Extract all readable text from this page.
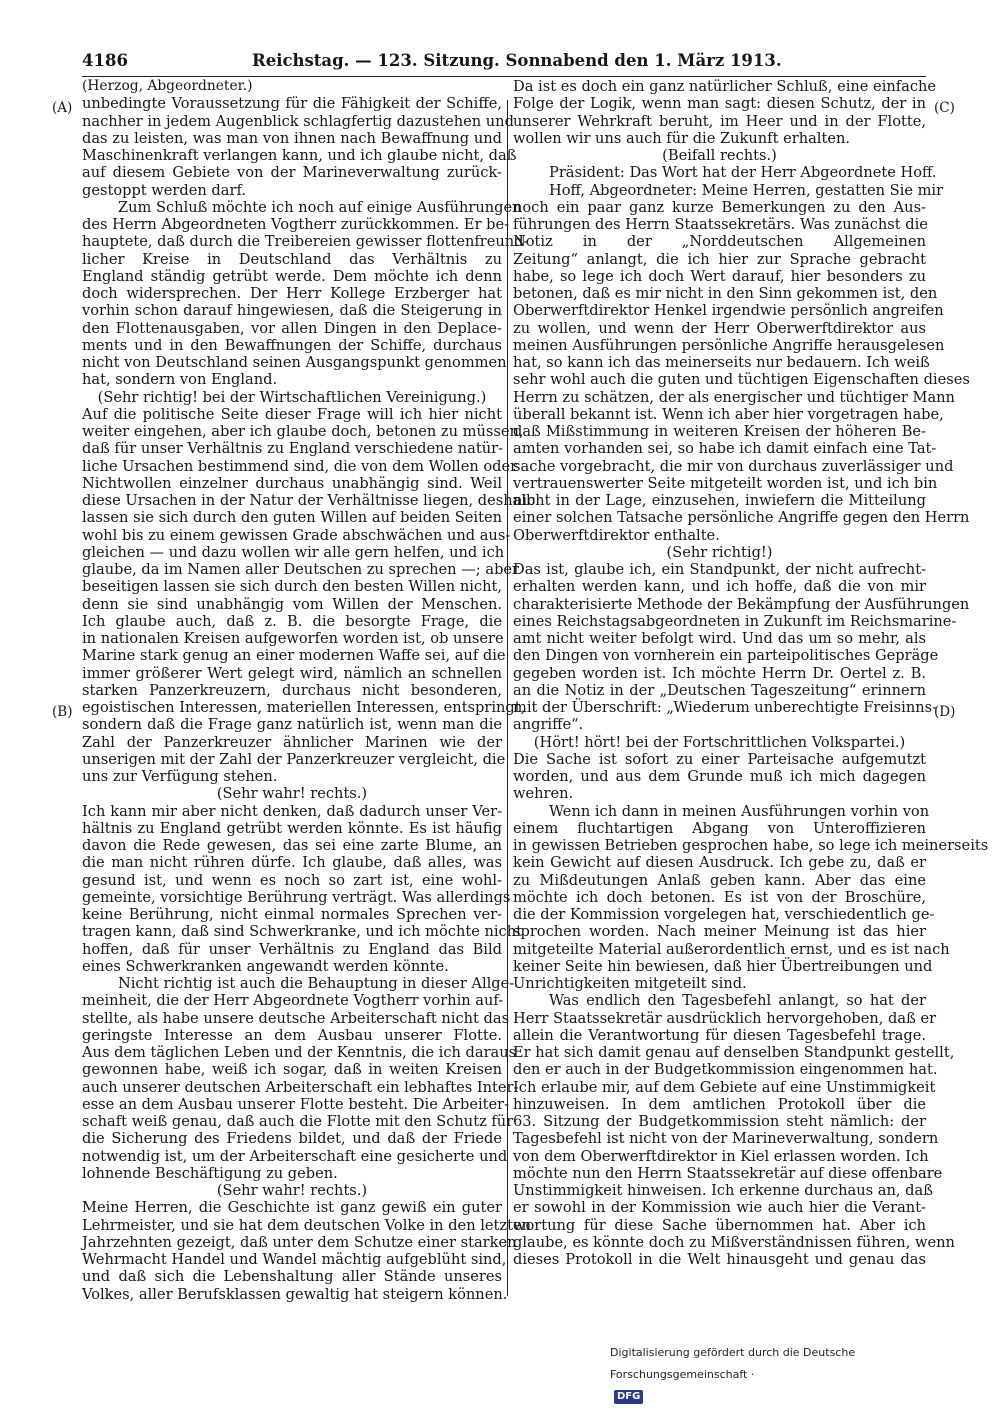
4186	Reichstag. — 123. Sitzung. Sonnabend den 1. März 1913.
(A)
(B)
(C)
(D)
(Herzog, Abgeordneter.)
unbedingte Voraussetzung für die Fähigkeit der Schiffe,
nachher in jedem Augenblick schlagfertig dazustehen und
das zu leisten, was man von ihnen nach Bewaffnung und
Maschinenkraft verlangen kann, und ich glaube nicht, daß
auf diesem Gebiete von der Marineverwaltung zurück-
gestoppt werden darf.
Zum Schluß möchte ich noch auf einige Ausführungen
des Herrn Abgeordneten Vogtherr zurückkommen. Er be-
hauptete, daß durch die Treibereien gewisser flottenfreund-
licher Kreise in Deutschland das Verhältnis zu
England ständig getrübt werde. Dem möchte ich denn
doch widersprechen. Der Herr Kollege Erzberger hat
vorhin schon darauf hingewiesen, daß die Steigerung in
den Flottenausgaben, vor allen Dingen in den Deplace-
ments und in den Bewaffnungen der Schiffe, durchaus
nicht von Deutschland seinen Ausgangspunkt genommen
hat, sondern von England.
(Sehr richtig! bei der Wirtschaftlichen Vereinigung.)
Auf die politische Seite dieser Frage will ich hier nicht
weiter eingehen, aber ich glaube doch, betonen zu müssen,
daß für unser Verhältnis zu England verschiedene natür-
liche Ursachen bestimmend sind, die von dem Wollen oder
Nichtwollen einzelner durchaus unabhängig sind. Weil
diese Ursachen in der Natur der Verhältnisse liegen, deshalb
lassen sie sich durch den guten Willen auf beiden Seiten
wohl bis zu einem gewissen Grade abschwächen und aus-
gleichen — und dazu wollen wir alle gern helfen, und ich
glaube, da im Namen aller Deutschen zu sprechen —; aber
beseitigen lassen sie sich durch den besten Willen nicht,
denn sie sind unabhängig vom Willen der Menschen.
Ich glaube auch, daß z. B. die besorgte Frage, die
in nationalen Kreisen aufgeworfen worden ist, ob unsere
Marine stark genug an einer modernen Waffe sei, auf die
immer größerer Wert gelegt wird, nämlich an schnellen
starken Panzerkreuzern, durchaus nicht besonderen,
egoistischen Interessen, materiellen Interessen, entspringt,
sondern daß die Frage ganz natürlich ist, wenn man die
Zahl der Panzerkreuzer ähnlicher Marinen wie der
unserigen mit der Zahl der Panzerkreuzer vergleicht, die
uns zur Verfügung stehen.
(Sehr wahr! rechts.)
Ich kann mir aber nicht denken, daß dadurch unser Ver-
hältnis zu England getrübt werden könnte. Es ist häufig
davon die Rede gewesen, das sei eine zarte Blume, an
die man nicht rühren dürfe. Ich glaube, daß alles, was
gesund ist, und wenn es noch so zart ist, eine wohl-
gemeinte, vorsichtige Berührung verträgt. Was allerdings
keine Berührung, nicht einmal normales Sprechen ver-
tragen kann, daß sind Schwerkranke, und ich möchte nicht
hoffen, daß für unser Verhältnis zu England das Bild
eines Schwerkranken angewandt werden könnte.
Nicht richtig ist auch die Behauptung in dieser Allge-
meinheit, die der Herr Abgeordnete Vogtherr vorhin auf-
stellte, als habe unsere deutsche Arbeiterschaft nicht das
geringste Interesse an dem Ausbau unserer Flotte.
Aus dem täglichen Leben und der Kenntnis, die ich daraus
gewonnen habe, weiß ich sogar, daß in weiten Kreisen
auch unserer deutschen Arbeiterschaft ein lebhaftes Inter-
esse an dem Ausbau unserer Flotte besteht. Die Arbeiter-
schaft weiß genau, daß auch die Flotte mit den Schutz für
die Sicherung des Friedens bildet, und daß der Friede
notwendig ist, um der Arbeiterschaft eine gesicherte und
lohnende Beschäftigung zu geben.
(Sehr wahr! rechts.)
Meine Herren, die Geschichte ist ganz gewiß ein guter
Lehrmeister, und sie hat dem deutschen Volke in den letzten
Jahrzehnten gezeigt, daß unter dem Schutze einer starken
Wehrmacht Handel und Wandel mächtig aufgeblüht sind,
und daß sich die Lebenshaltung aller Stände unseres
Volkes, aller Berufsklassen gewaltig hat steigern können.
Da ist es doch ein ganz natürlicher Schluß, eine einfache
Folge der Logik, wenn man sagt: diesen Schutz, der in
unserer Wehrkraft beruht, im Heer und in der Flotte,
wollen wir uns auch für die Zukunft erhalten.
(Beifall rechts.)
Präsident: Das Wort hat der Herr Abgeordnete Hoff.
Hoff, Abgeordneter: Meine Herren, gestatten Sie mir
noch ein paar ganz kurze Bemerkungen zu den Aus-
führungen des Herrn Staatssekretärs. Was zunächst die
Notiz in der „Norddeutschen Allgemeinen
Zeitung“ anlangt, die ich hier zur Sprache gebracht
habe, so lege ich doch Wert darauf, hier besonders zu
betonen, daß es mir nicht in den Sinn gekommen ist, den
Oberwerftdirektor Henkel irgendwie persönlich angreifen
zu wollen, und wenn der Herr Oberwerftdirektor aus
meinen Ausführungen persönliche Angriffe herausgelesen
hat, so kann ich das meinerseits nur bedauern. Ich weiß
sehr wohl auch die guten und tüchtigen Eigenschaften dieses
Herrn zu schätzen, der als energischer und tüchtiger Mann
überall bekannt ist. Wenn ich aber hier vorgetragen habe,
daß Mißstimmung in weiteren Kreisen der höheren Be-
amten vorhanden sei, so habe ich damit einfach eine Tat-
sache vorgebracht, die mir von durchaus zuverlässiger und
vertrauenswerter Seite mitgeteilt worden ist, und ich bin
nicht in der Lage, einzusehen, inwiefern die Mitteilung
einer solchen Tatsache persönliche Angriffe gegen den Herrn
Oberwerftdirektor enthalte.
(Sehr richtig!)
Das ist, glaube ich, ein Standpunkt, der nicht aufrecht-
erhalten werden kann, und ich hoffe, daß die von mir
charakterisierte Methode der Bekämpfung der Ausführungen
eines Reichstagsabgeordneten in Zukunft im Reichsmarine-
amt nicht weiter befolgt wird. Und das um so mehr, als
den Dingen von vornherein ein parteipolitisches Gepräge
gegeben worden ist. Ich möchte Herrn Dr. Oertel z. B.
an die Notiz in der „Deutschen Tageszeitung“ erinnern
mit der Überschrift: „Wiederum unberechtigte Freisinns-
angriffe“.
(Hört! hört! bei der Fortschrittlichen Volkspartei.)
Die Sache ist sofort zu einer Parteisache aufgemutzt
worden, und aus dem Grunde muß ich mich dagegen
wehren.
Wenn ich dann in meinen Ausführungen vorhin von
einem fluchtartigen Abgang von Unteroffizieren
in gewissen Betrieben gesprochen habe, so lege ich meinerseits
kein Gewicht auf diesen Ausdruck. Ich gebe zu, daß er
zu Mißdeutungen Anlaß geben kann. Aber das eine
möchte ich doch betonen. Es ist von der Broschüre,
die der Kommission vorgelegen hat, verschiedentlich ge-
sprochen worden. Nach meiner Meinung ist das hier
mitgeteilte Material außerordentlich ernst, und es ist nach
keiner Seite hin bewiesen, daß hier Übertreibungen und
Unrichtigkeiten mitgeteilt sind.
Was endlich den Tagesbefehl anlangt, so hat der
Herr Staatssekretär ausdrücklich hervorgehoben, daß er
allein die Verantwortung für diesen Tagesbefehl trage.
Er hat sich damit genau auf denselben Standpunkt gestellt,
den er auch in der Budgetkommission eingenommen hat.
Ich erlaube mir, auf dem Gebiete auf eine Unstimmigkeit
hinzuweisen. In dem amtlichen Protokoll über die
63. Sitzung der Budgetkommission steht nämlich: der
Tagesbefehl ist nicht von der Marineverwaltung, sondern
von dem Oberwerftdirektor in Kiel erlassen worden. Ich
möchte nun den Herrn Staatssekretär auf diese offenbare
Unstimmigkeit hinweisen. Ich erkenne durchaus an, daß
er sowohl in der Kommission wie auch hier die Verant-
wortung für diese Sache übernommen hat. Aber ich
glaube, es könnte doch zu Mißverständnissen führen, wenn
dieses Protokoll in die Welt hinausgeht und genau das
Digitalisierung gefördert durch die Deutsche Forschungsgemeinschaft · DFG
